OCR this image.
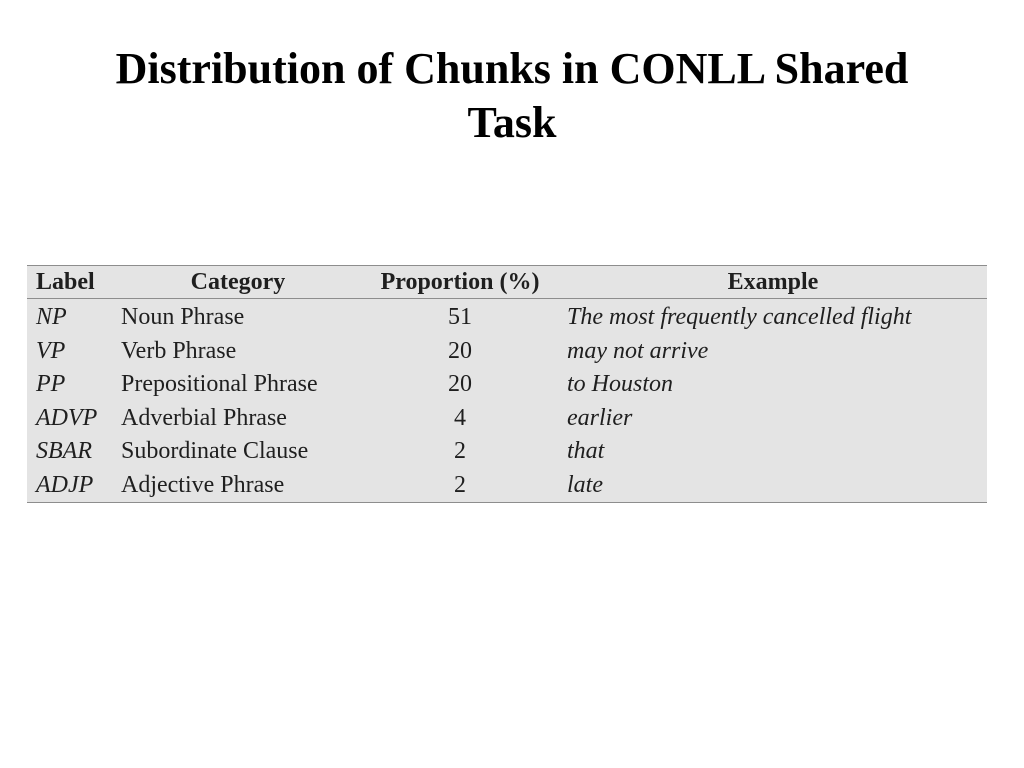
Distribution of Chunks in CONLL Shared Task
Label	Category	Proportion (%)	Example
NP	Noun Phrase	51	The most frequently cancelled flight
VP	Verb Phrase	20	may not arrive
PP	Prepositional Phrase	20	to Houston
ADVP	Adverbial Phrase	4	earlier
SBAR	Subordinate Clause	2	that
ADJP	Adjective Phrase	2	late
